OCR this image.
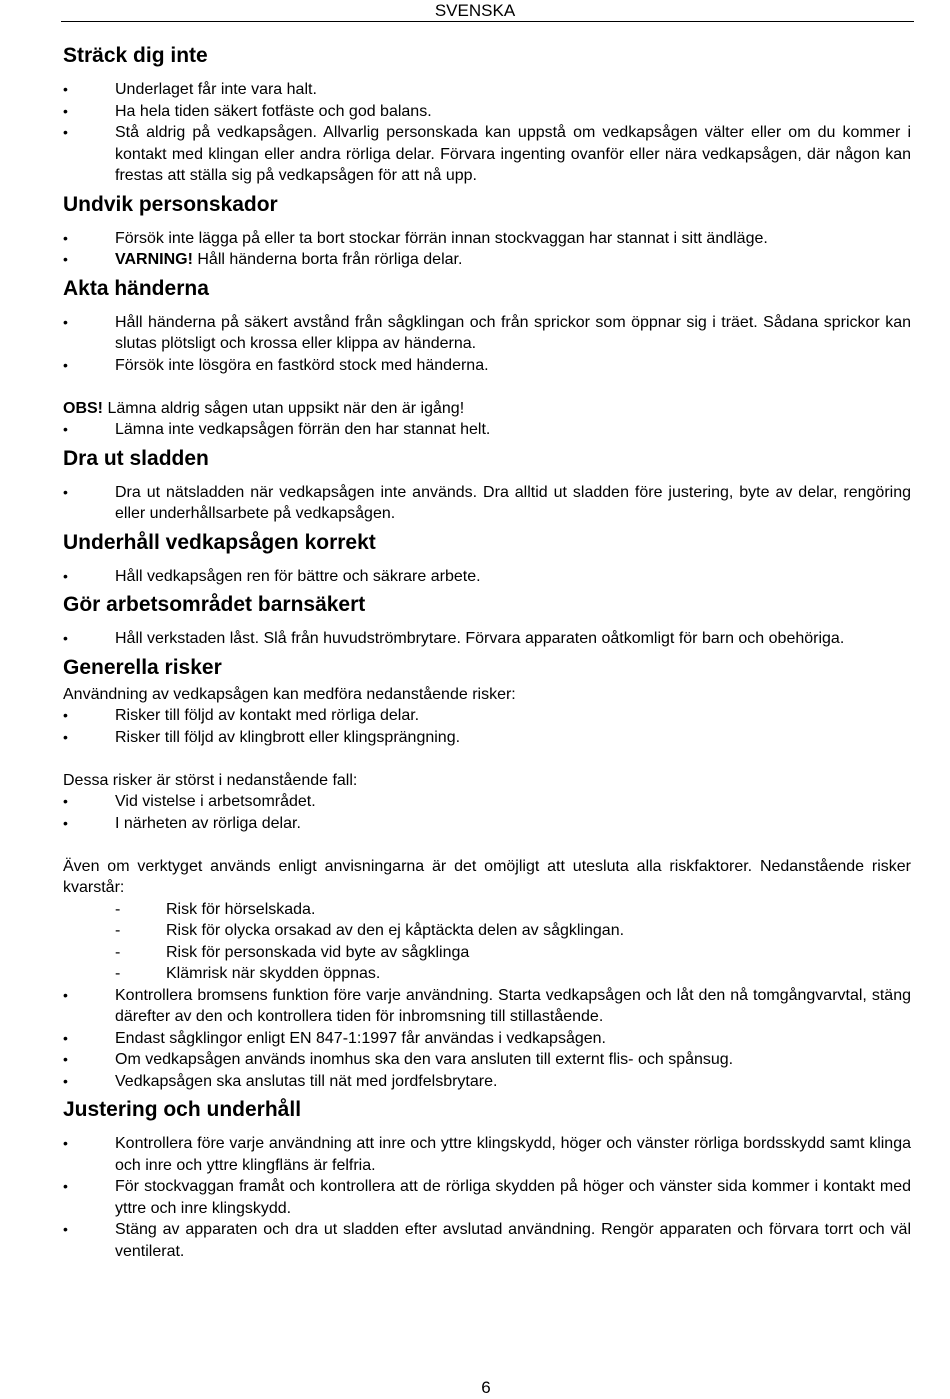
SVENSKA
Sträck dig inte
• Underlaget får inte vara halt.
• Ha hela tiden säkert fotfäste och god balans.
• Stå aldrig på vedkapsågen. Allvarlig personskada kan uppstå om vedkapsågen välter eller om du kommer i kontakt med klingan eller andra rörliga delar. Förvara ingenting ovanför eller nära vedkapsågen, där någon kan frestas att ställa sig på vedkapsågen för att nå upp.
Undvik personskador
• Försök inte lägga på eller ta bort stockar förrän innan stockvaggan har stannat i sitt ändläge.
• VARNING! Håll händerna borta från rörliga delar.
Akta händerna
• Håll händerna på säkert avstånd från sågklingan och från sprickor som öppnar sig i träet. Sådana sprickor kan slutas plötsligt och krossa eller klippa av händerna.
• Försök inte lösgöra en fastkörd stock med händerna.

OBS! Lämna aldrig sågen utan uppsikt när den är igång!

• Lämna inte vedkapsågen förrän den har stannat helt.
Dra ut sladden
• Dra ut nätsladden när vedkapsågen inte används. Dra alltid ut sladden före justering, byte av delar, rengöring eller underhållsarbete på vedkapsågen.
Underhåll vedkapsågen korrekt
• Håll vedkapsågen ren för bättre och säkrare arbete.
Gör arbetsområdet barnsäkert
• Håll verkstaden låst. Slå från huvudströmbrytare. Förvara apparaten oåtkomligt för barn och obehöriga.
Generella risker

Användning av vedkapsågen kan medföra nedanstående risker:

• Risker till följd av kontakt med rörliga delar.
• Risker till följd av klingbrott eller klingsprängning.

Dessa risker är störst i nedanstående fall:

• Vid vistelse i arbetsområdet.
• I närheten av rörliga delar.

Även om verktyget används enligt anvisningarna är det omöjligt att utesluta alla riskfaktorer. Nedanstående risker kvarstår:

- Risk för hörselskada.
- Risk för olycka orsakad av den ej kåptäckta delen av sågklingan.
- Risk för personskada vid byte av sågklinga
- Klämrisk när skydden öppnas.
• Kontrollera bromsens funktion före varje användning. Starta vedkapsågen och låt den nå tomgångvarvtal, stäng därefter av den och kontrollera tiden för inbromsning till stillastående.
• Endast sågklingor enligt EN 847-1:1997 får användas i vedkapsågen.
• Om vedkapsågen används inomhus ska den vara ansluten till externt flis- och spånsug.
• Vedkapsågen ska anslutas till nät med jordfelsbrytare.
Justering och underhåll
• Kontrollera före varje användning att inre och yttre klingskydd, höger och vänster rörliga bordsskydd samt klinga och inre och yttre klingfläns är felfria.
• För stockvaggan framåt och kontrollera att de rörliga skydden på höger och vänster sida kommer i kontakt med yttre och inre klingskydd.
• Stäng av apparaten och dra ut sladden efter avslutad användning. Rengör apparaten och förvara torrt och väl ventilerat.
6
